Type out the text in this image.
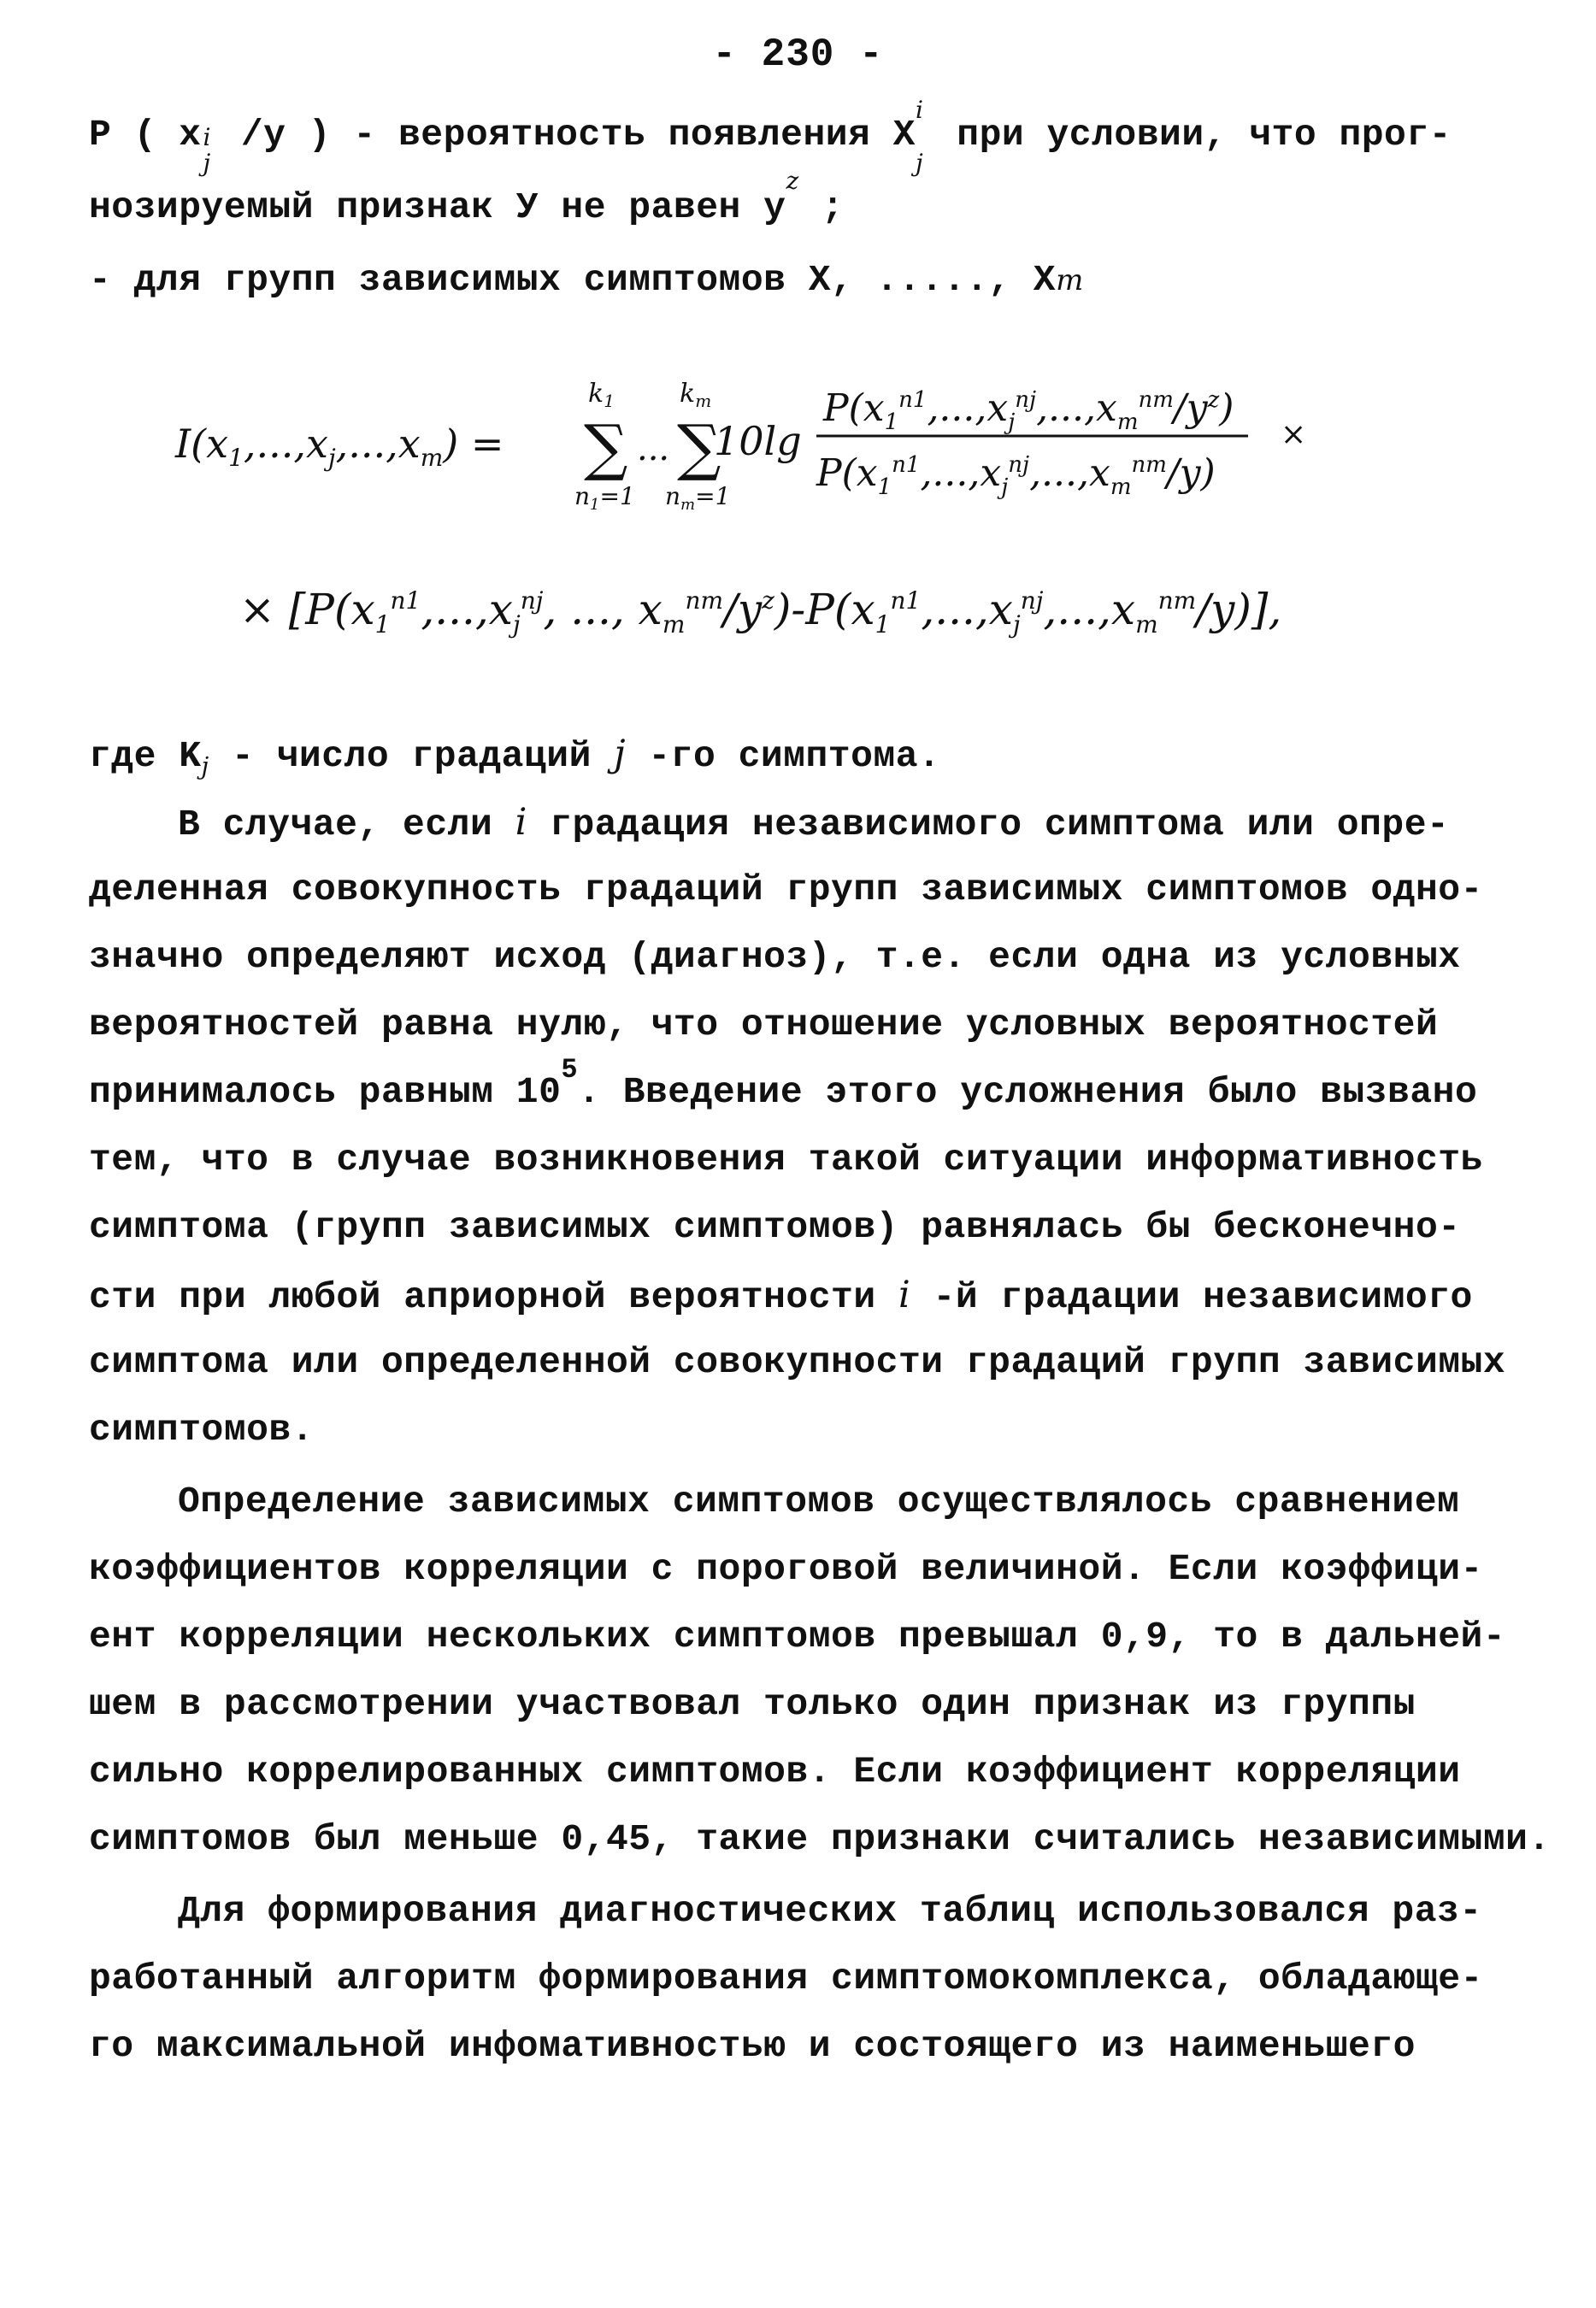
- 230 -
P ( x i
j
/y ) - вероятность появления X
i
j
при условии, что прог-
нозируемый признак У не равен $y^z$ ;
- для групп зависимых симптомов X, ....., Xm
$I(x_1,...,x_j,...,x_m)$ = ∑
$k_1$
$n_1=1$
... ∑
$k_m$
$n_m=1$
10lg
$P(x_1^{n1},...,x_j^{nj},...,x_m^{nm}/y^z)$
$P(x_1^{n1},...,x_j^{nj},...,x_m^{nm}/y)$
×
× [$P(x_1^{n1},...,x_j^{nj}$, ..., $x_m^{nm}/y^z)-P(x_1^{n1},...,x_j^{nj},...,x_m^{nm}/y)$],
где $K_j$ - число градаций j -го симптома.
В случае, если i градация независимого симптома или опре-
деленная совокупность градаций групп зависимых симптомов одно-
значно определяют исход (диагноз), т.е. если одна из условных
вероятностей равна нулю, что отношение условных вероятностей
принималось равным $10^5$. Введение этого усложнения было вызвано
тем, что в случае возникновения такой ситуации информативность
симптома (групп зависимых симптомов) равнялась бы бесконечно-
сти при любой априорной вероятности i -й градации независимого
симптома или определенной совокупности градаций групп зависимых
симптомов.
Определение зависимых симптомов осуществлялось сравнением
коэффициентов корреляции с пороговой величиной. Если коэффици-
ент корреляции нескольких симптомов превышал 0,9, то в дальней-
шем в рассмотрении участвовал только один признак из группы
сильно коррелированных симптомов. Если коэффициент корреляции
симптомов был меньше 0,45, такие признаки считались независимыми.
Для формирования диагностических таблиц использовался раз-
работанный алгоритм формирования симптомокомплекса, обладающе-
го максимальной инфомативностью и состоящего из наименьшего
